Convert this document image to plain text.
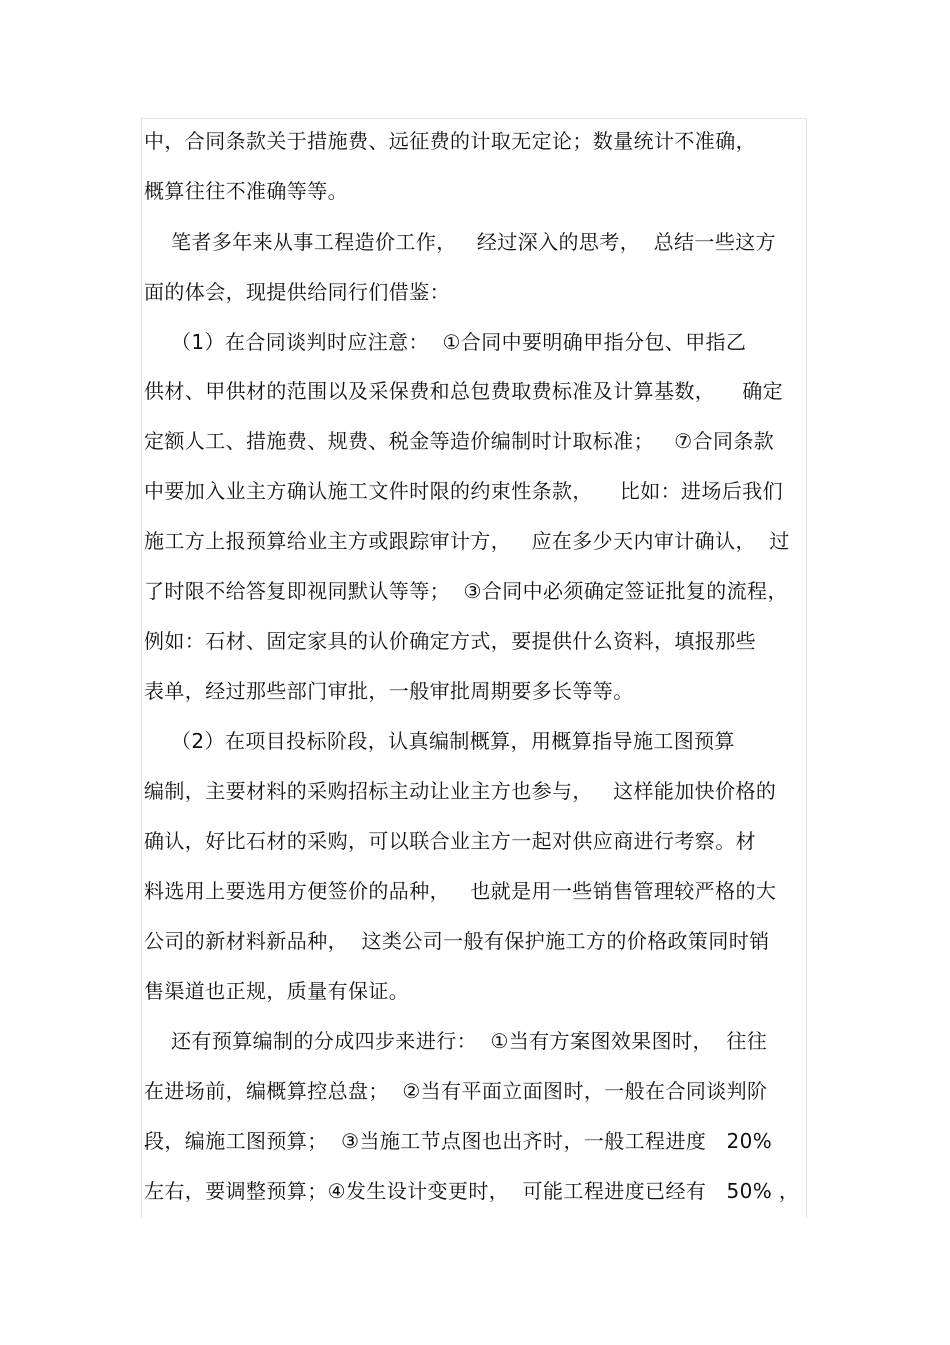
中，合同条款关于措施费、远征费的计取无定论；数量统计不准确，
概算往往不准确等等。
笔者多年来从事工程造价工作，   经过深入的思考，  总结一些这方
面的体会，现提供给同行们借鉴：
（1）在合同谈判时应注意：  ①合同中要明确甲指分包、甲指乙
供材、甲供材的范围以及采保费和总包费取费标准及计算基数，    确定
定额人工、措施费、规费、税金等造价编制时计取标准；   ⑦合同条款
中要加入业主方确认施工文件时限的约束性条款，    比如：进场后我们
施工方上报预算给业主方或跟踪审计方，   应在多少天内审计确认，  过
了时限不给答复即视同默认等等；  ③合同中必须确定签证批复的流程，
例如：石材、固定家具的认价确定方式，要提供什么资料，填报那些
表单，经过那些部门审批，一般审批周期要多长等等。
（2）在项目投标阶段，认真编制概算，用概算指导施工图预算
编制，主要材料的采购招标主动让业主方也参与，   这样能加快价格的
确认，好比石材的采购，可以联合业主方一起对供应商进行考察。材
料选用上要选用方便签价的品种，   也就是用一些销售管理较严格的大
公司的新材料新品种，  这类公司一般有保护施工方的价格政策同时销
售渠道也正规，质量有保证。
还有预算编制的分成四步来进行：  ①当有方案图效果图时，  往往
在进场前，编概算控总盘；  ②当有平面立面图时，一般在合同谈判阶
段，编施工图预算；  ③当施工节点图也出齐时，一般工程进度   20%
左右，要调整预算；④发生设计变更时，  可能工程进度已经有   50% ，
